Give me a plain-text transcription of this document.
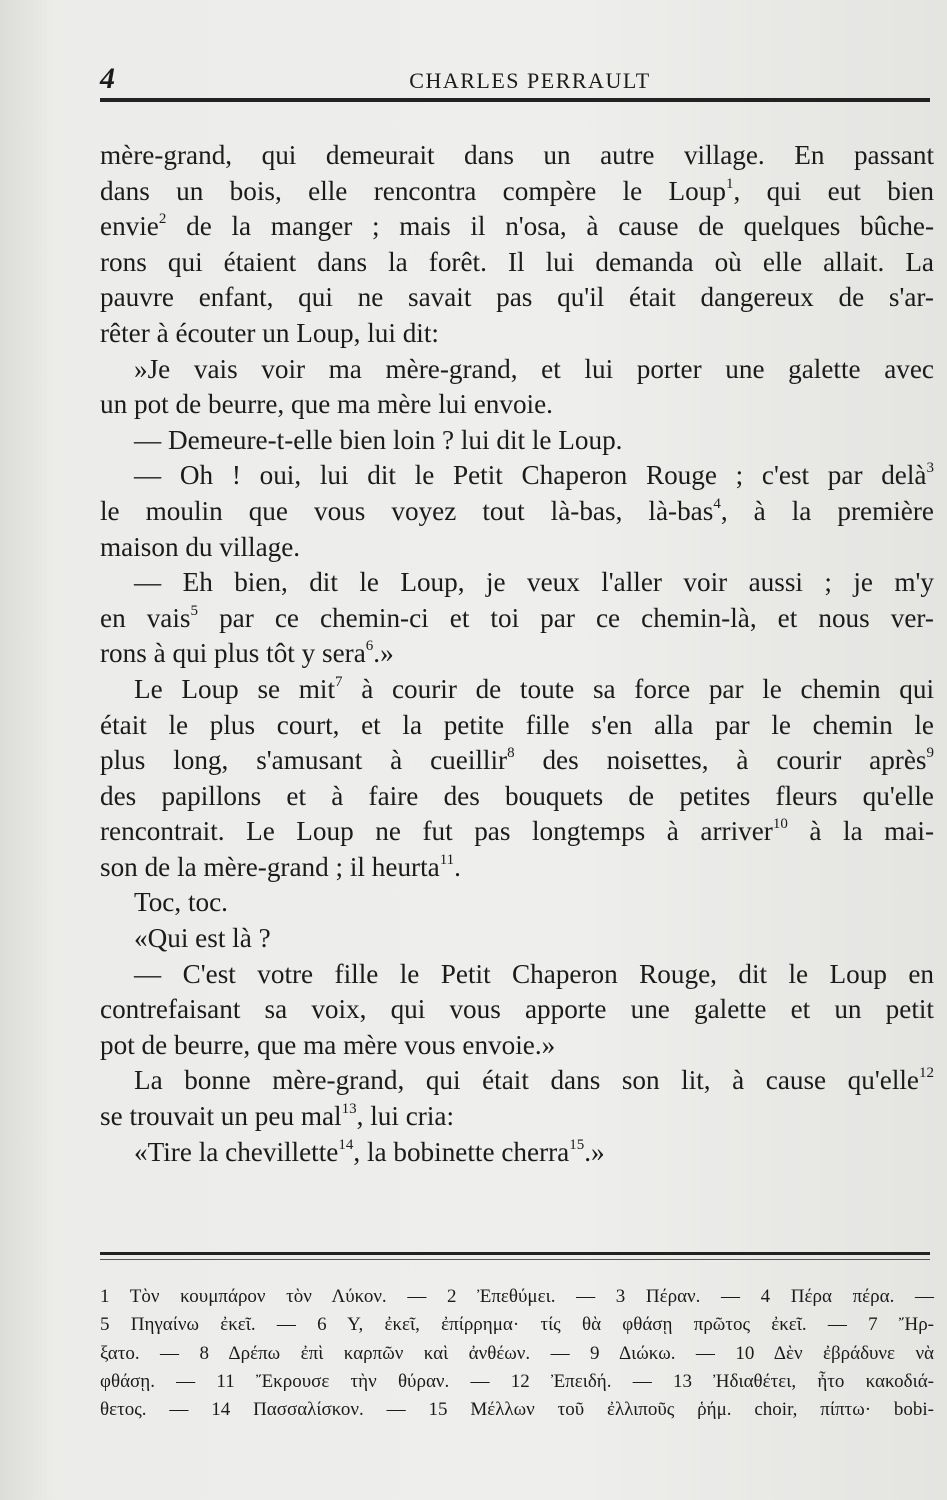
4	CHARLES PERRAULT
mère-grand, qui demeurait dans un autre village. En passant
dans un bois, elle rencontra compère le Loup$^1$, qui eut bien
envie$^2$ de la manger ; mais il n'osa, à cause de quelques bûche-
rons qui étaient dans la forêt. Il lui demanda où elle allait. La
pauvre enfant, qui ne savait pas qu'il était dangereux de s'ar-
rêter à écouter un Loup, lui dit:
»Je vais voir ma mère-grand, et lui porter une galette avec
un pot de beurre, que ma mère lui envoie.
— Demeure-t-elle bien loin ? lui dit le Loup.
— Oh ! oui, lui dit le Petit Chaperon Rouge ; c'est par delà$^3$
le moulin que vous voyez tout là-bas, là-bas$^4$, à la première
maison du village.
— Eh bien, dit le Loup, je veux l'aller voir aussi ; je m'y
en vais$^5$ par ce chemin-ci et toi par ce chemin-là, et nous ver-
rons à qui plus tôt y sera$^6$.»
Le Loup se mit$^7$ à courir de toute sa force par le chemin qui
était le plus court, et la petite fille s'en alla par le chemin le
plus long, s'amusant à cueillir$^8$ des noisettes, à courir après$^9$
des papillons et à faire des bouquets de petites fleurs qu'elle
rencontrait. Le Loup ne fut pas longtemps à arriver$^{10}$ à la mai-
son de la mère-grand ; il heurta$^{11}$.
Toc, toc.
«Qui est là ?
— C'est votre fille le Petit Chaperon Rouge, dit le Loup en
contrefaisant sa voix, qui vous apporte une galette et un petit
pot de beurre, que ma mère vous envoie.»
La bonne mère-grand, qui était dans son lit, à cause qu'elle$^{12}$
se trouvait un peu mal$^{13}$, lui cria:
«Tire la chevillette$^{14}$, la bobinette cherra$^{15}$.»
1 Τὸν κουμπάρον τὸν Λύκον. — 2 Ἐπεθύμει. — 3 Πέραν. — 4 Πέρα πέρα. —
5 Πηγαίνω ἐκεῖ. — 6 Υ, ἐκεῖ, ἐπίρρημα· τίς θὰ φθάσῃ πρῶτος ἐκεῖ. — 7 Ἤρ-
ξατο. — 8 Δρέπω ἐπὶ καρπῶν καὶ ἀνθέων. — 9 Διώκω. — 10 Δὲν ἐβράδυνε νὰ
φθάσῃ. — 11 Ἔκρουσε τὴν θύραν. — 12 Ἐπειδή. — 13 Ἠδιαθέτει, ἦτο κακοδιά-
θετος. — 14 Πασσαλίσκον. — 15 Μέλλων τοῦ ἐλλιποῦς ῥήμ. choir, πίπτω· bobi-
